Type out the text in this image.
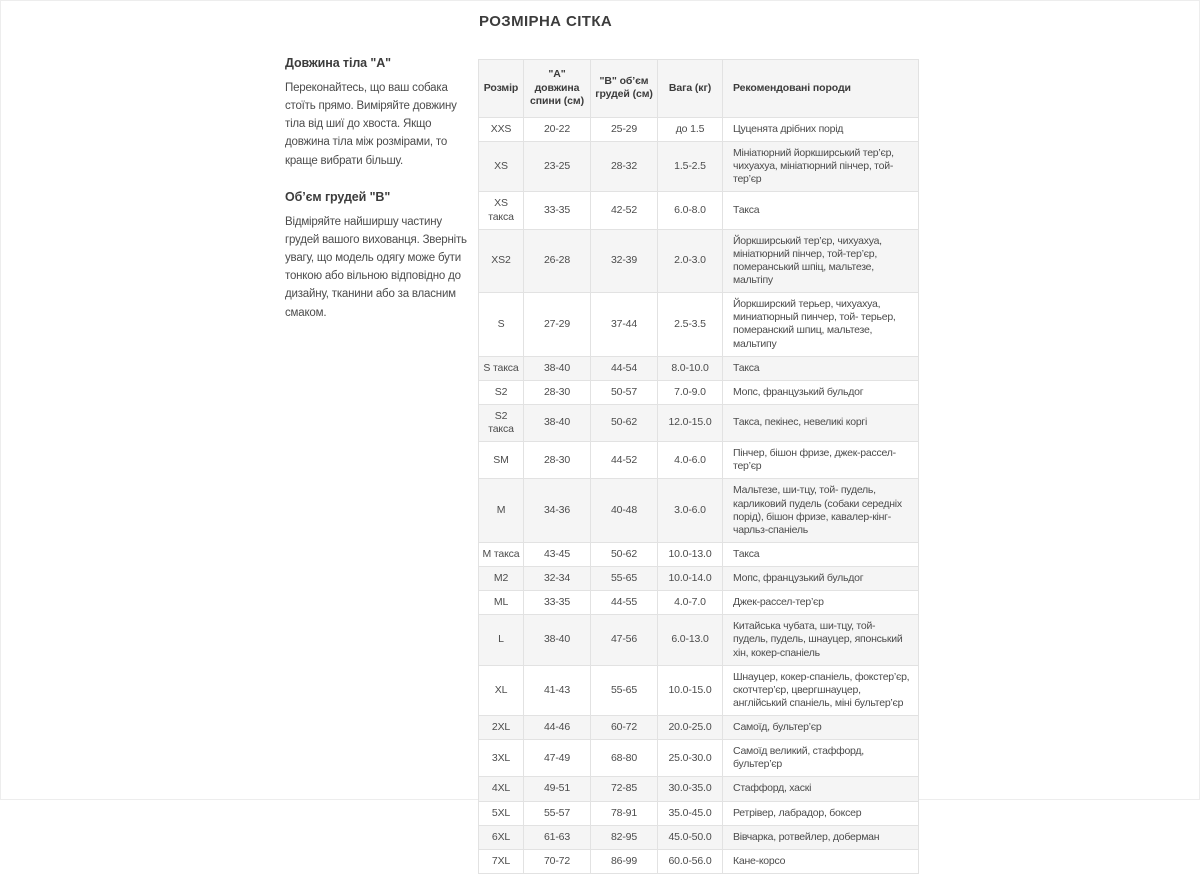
РОЗМІРНА СІТКА
Довжина тіла "А"

Переконайтесь, що ваш собака стоїть прямо. Виміряйте довжину тіла від шиї до хвоста. Якщо довжина тіла між розмірами, то краще вибрати більшу.

Об’єм грудей "В"

Відміряйте найширшу частину грудей вашого вихованця. Зверніть увагу, що модель одягу може бути тонкою або вільною відповідно до дизайну, тканини або за власним смаком.

Розмір	"А" довжина спини (см)	"В" об’єм грудей (см)	Вага (кг)	Рекомендовані породи
XXS	20-22	25-29	до 1.5	Цуценята дрібних порід
XS	23-25	28-32	1.5-2.5	Мініатюрний йоркширський тер’єр, чихуахуа, мініатюрний пінчер, той-тер’єр
XS такса	33-35	42-52	6.0-8.0	Такса
XS2	26-28	32-39	2.0-3.0	Йоркширський тер’єр, чихуахуа, мініатюрний пінчер, той-тер’єр, померанський шпіц, мальтезе, мальтіпу
S	27-29	37-44	2.5-3.5	Йоркширский терьер, чихуахуа, миниатюрный пинчер, той- терьер, померанский шпиц, мальтезе, мальтипу
S такса	38-40	44-54	8.0-10.0	Такса
S2	28-30	50-57	7.0-9.0	Мопс, французький бульдог
S2 такса	38-40	50-62	12.0-15.0	Такса, пекінес, невеликі коргі
SM	28-30	44-52	4.0-6.0	Пінчер, бішон фризе, джек-рассел-тер’єр
M	34-36	40-48	3.0-6.0	Мальтезе, ши-тцу, той- пудель, карликовий пудель (собаки середніх порід), бішон фризе, кавалер-кінг-чарльз-спаніель
M такса	43-45	50-62	10.0-13.0	Такса
M2	32-34	55-65	10.0-14.0	Мопс, французький бульдог
ML	33-35	44-55	4.0-7.0	Джек-рассел-тер’єр
L	38-40	47-56	6.0-13.0	Китайська чубата, ши-тцу, той- пудель, пудель, шнауцер, японський хін, кокер-спаніель
XL	41-43	55-65	10.0-15.0	Шнауцер, кокер-спаніель, фокстер’єр, скотчтер’єр, цвергшнауцер, англійський спаніель, міні бультер’єр
2XL	44-46	60-72	20.0-25.0	Самоїд, бультер’єр
3XL	47-49	68-80	25.0-30.0	Самоїд великий, стаффорд, бультер’єр
4XL	49-51	72-85	30.0-35.0	Стаффорд, хаскі
5XL	55-57	78-91	35.0-45.0	Ретрівер, лабрадор, боксер
6XL	61-63	82-95	45.0-50.0	Вівчарка, ротвейлер, доберман
7XL	70-72	86-99	60.0-56.0	Кане-корсо
